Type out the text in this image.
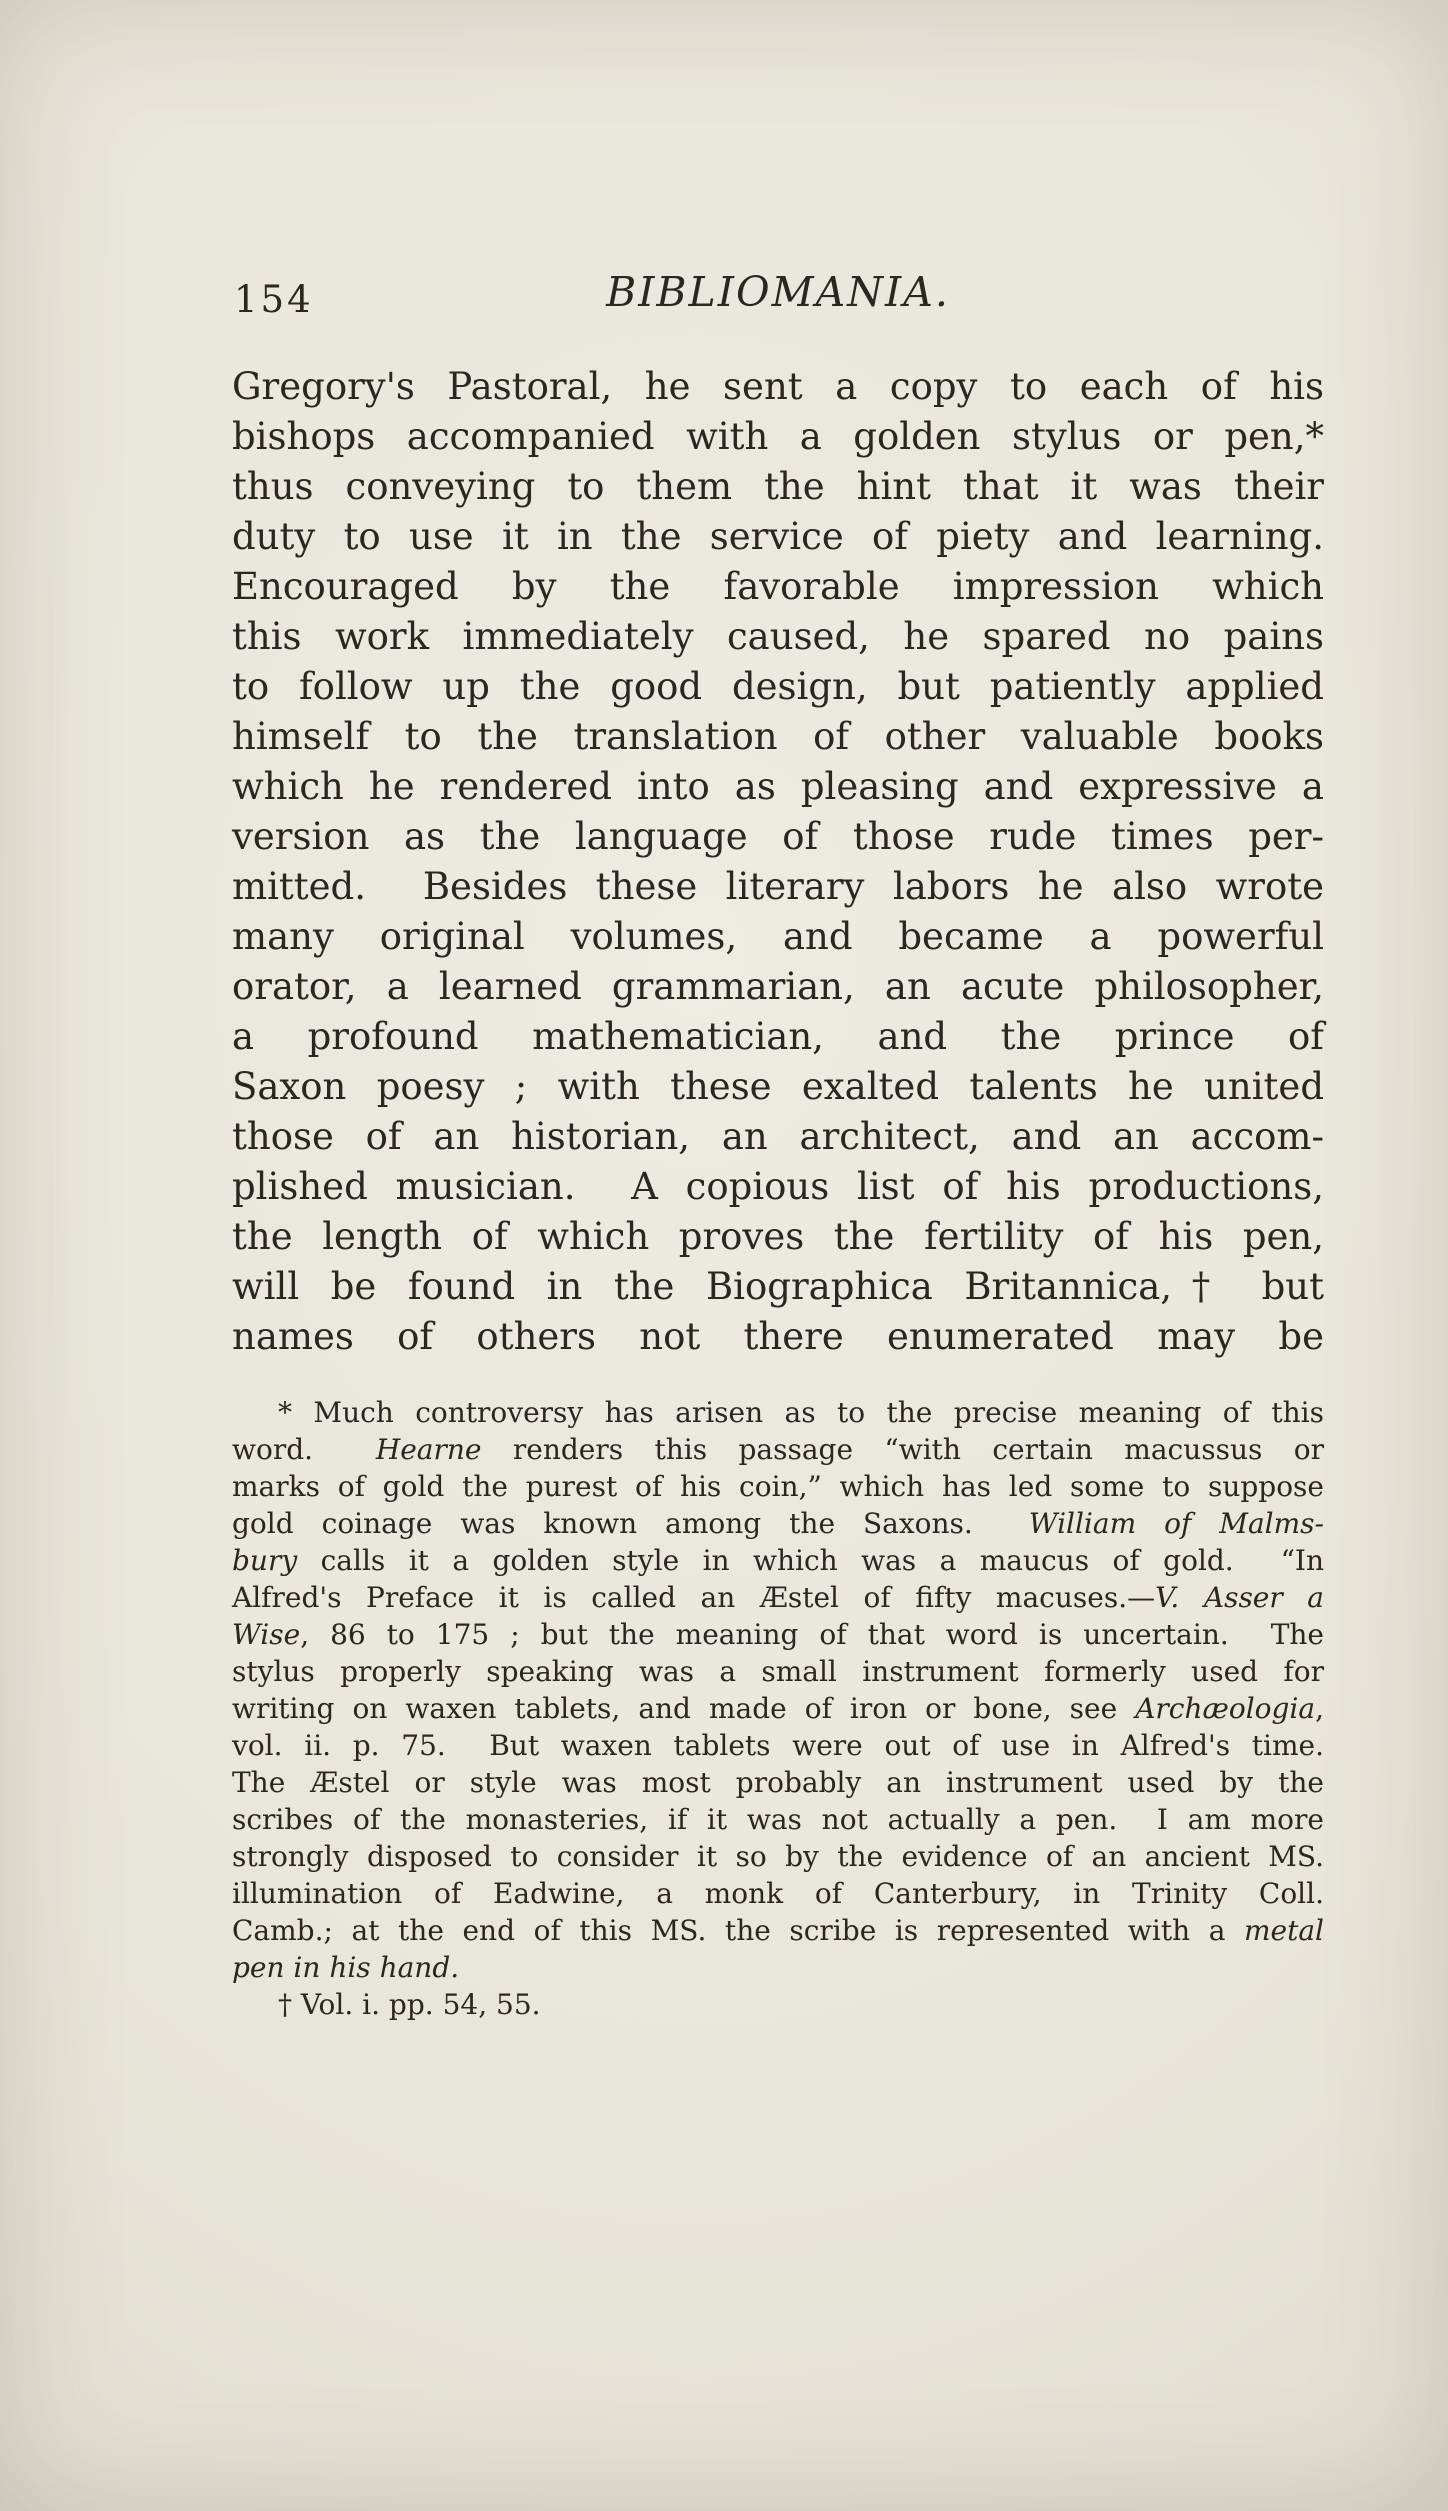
154	BIBLIOMANIA.
Gregory's Pastoral, he sent a copy to each of his
bishops accompanied with a golden stylus or pen,*
thus conveying to them the hint that it was their
duty to use it in the service of piety and learning.
Encouraged by the favorable impression which
this work immediately caused, he spared no pains
to follow up the good design, but patiently applied
himself to the translation of other valuable books
which he rendered into as pleasing and expressive a
version as the language of those rude times per-
mitted.  Besides these literary labors he also wrote
many original volumes, and became a powerful
orator, a learned grammarian, an acute philosopher,
a profound mathematician, and the prince of
Saxon poesy ; with these exalted talents he united
those of an historian, an architect, and an accom-
plished musician.  A copious list of his productions,
the length of which proves the fertility of his pen,
will be found in the Biographica Britannica,† but
names of others not there enumerated may be
* Much controversy has arisen as to the precise meaning of this
word.  Hearne renders this passage “with certain macussus or
marks of gold the purest of his coin,” which has led some to suppose
gold coinage was known among the Saxons.  William of Malms-
bury calls it a golden style in which was a maucus of gold.  “In
Alfred's Preface it is called an Æstel of fifty macuses.—V. Asser a
Wise, 86 to 175 ; but the meaning of that word is uncertain.  The
stylus properly speaking was a small instrument formerly used for
writing on waxen tablets, and made of iron or bone, see Archæologia,
vol. ii. p. 75.  But waxen tablets were out of use in Alfred's time.
The Æstel or style was most probably an instrument used by the
scribes of the monasteries, if it was not actually a pen.  I am more
strongly disposed to consider it so by the evidence of an ancient MS.
illumination of Eadwine, a monk of Canterbury, in Trinity Coll.
Camb.; at the end of this MS. the scribe is represented with a metal
pen in his hand.
† Vol. i. pp. 54, 55.
